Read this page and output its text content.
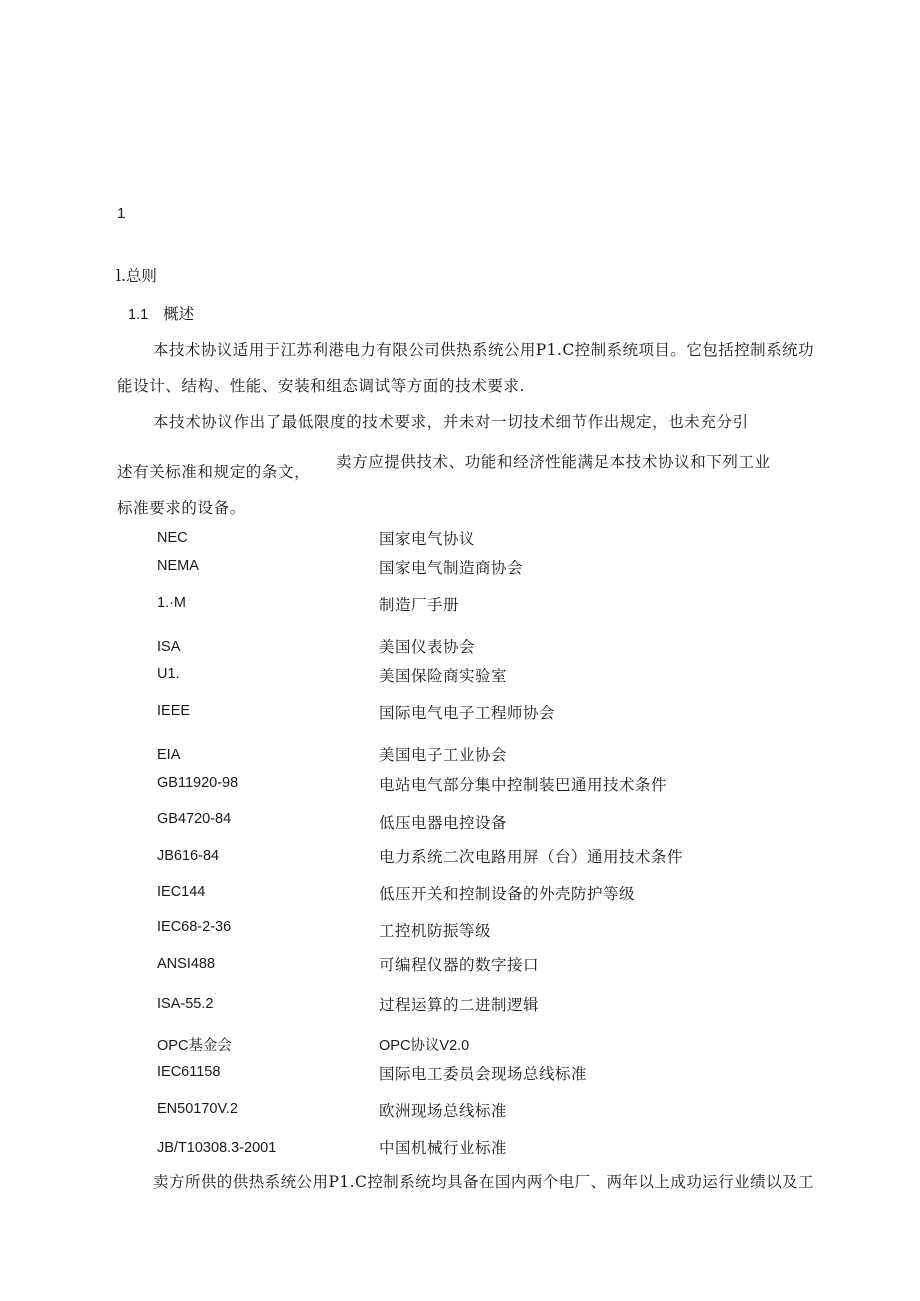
1
l.总则
1.1 概述
本技术协议适用于江苏利港电力有限公司供热系统公用P1.C控制系统项目。它包括控制系统功
能设计、结构、性能、安装和组态调试等方面的技术要求.
本技术协议作出了最低限度的技术要求，并未对一切技术细节作出规定，也未充分引
述有关标准和规定的条文，
卖方应提供技术、功能和经济性能满足本技术协议和下列工业
标准要求的设备。
NEC	国家电气协议
NEMA	国家电气制造商协会
1.·M	制造厂手册
ISA	美国仪表协会
U1.	美国保险商实验室
IEEE	国际电气电子工程师协会
EIA	美国电子工业协会
GB11920-98	电站电气部分集中控制装巴通用技术条件
GB4720-84	低压电器电控设备
JB616-84	电力系统二次电路用屏（台）通用技术条件
IEC144	低压开关和控制设备的外壳防护等级
IEC68-2-36	工控机防振等级
ANSI488	可编程仪器的数字接口
ISA-55.2	过程运算的二进制逻辑
OPC基金会	OPC协议V2.0
IEC61158	国际电工委员会现场总线标准
EN50170V.2	欧洲现场总线标准
JB/T10308.3-2001	中国机械行业标准
卖方所供的供热系统公用P1.C控制系统均具备在国内两个电厂、两年以上成功运行业绩以及工
